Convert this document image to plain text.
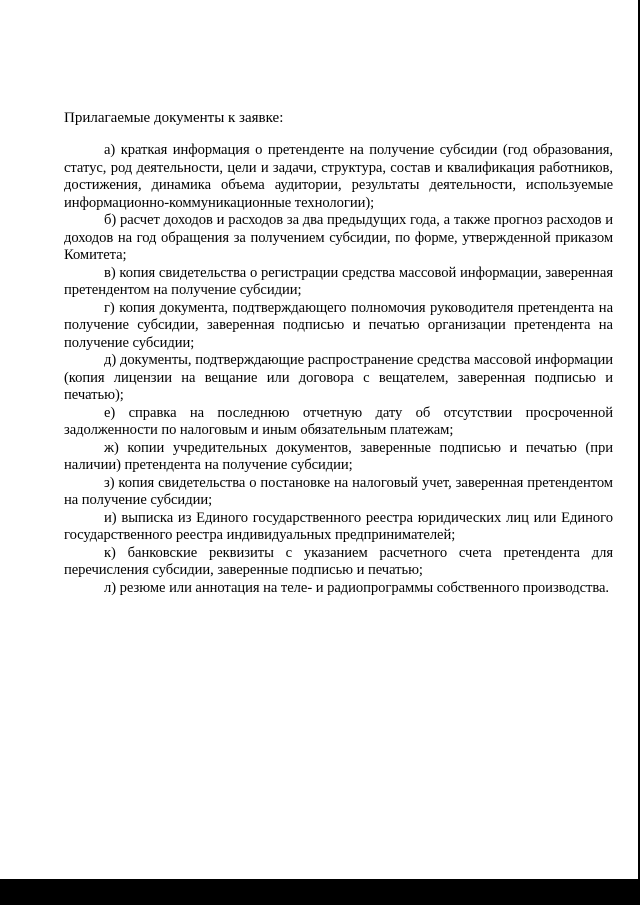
Прилагаемые документы к заявке:

а) краткая информация о претенденте на получение субсидии (год образования, статус, род деятельности, цели и задачи, структура, состав и квалификация работников, достижения, динамика объема аудитории, результаты деятельности, используемые информационно-коммуникационные технологии);

б) расчет доходов и расходов за два предыдущих года, а также прогноз расходов и доходов на год обращения за получением субсидии, по форме, утвержденной приказом Комитета;

в) копия свидетельства о регистрации средства массовой информации, заверенная претендентом на получение субсидии;

г) копия документа, подтверждающего полномочия руководителя претендента на получение субсидии, заверенная подписью и печатью организации претендента на получение субсидии;

д) документы, подтверждающие распространение средства массовой информации (копия лицензии на вещание или договора с вещателем, заверенная подписью и печатью);

е) справка на последнюю отчетную дату об отсутствии просроченной задолженности по налоговым и иным обязательным платежам;

ж) копии учредительных документов, заверенные подписью и печатью (при наличии) претендента на получение субсидии;

з) копия свидетельства о постановке на налоговый учет, заверенная претендентом на получение субсидии;

и) выписка из Единого государственного реестра юридических лиц или Единого государственного реестра индивидуальных предпринимателей;

к) банковские реквизиты с указанием расчетного счета претендента для перечисления субсидии, заверенные подписью и печатью;

л) резюме или аннотация на теле- и радиопрограммы собственного производства.
